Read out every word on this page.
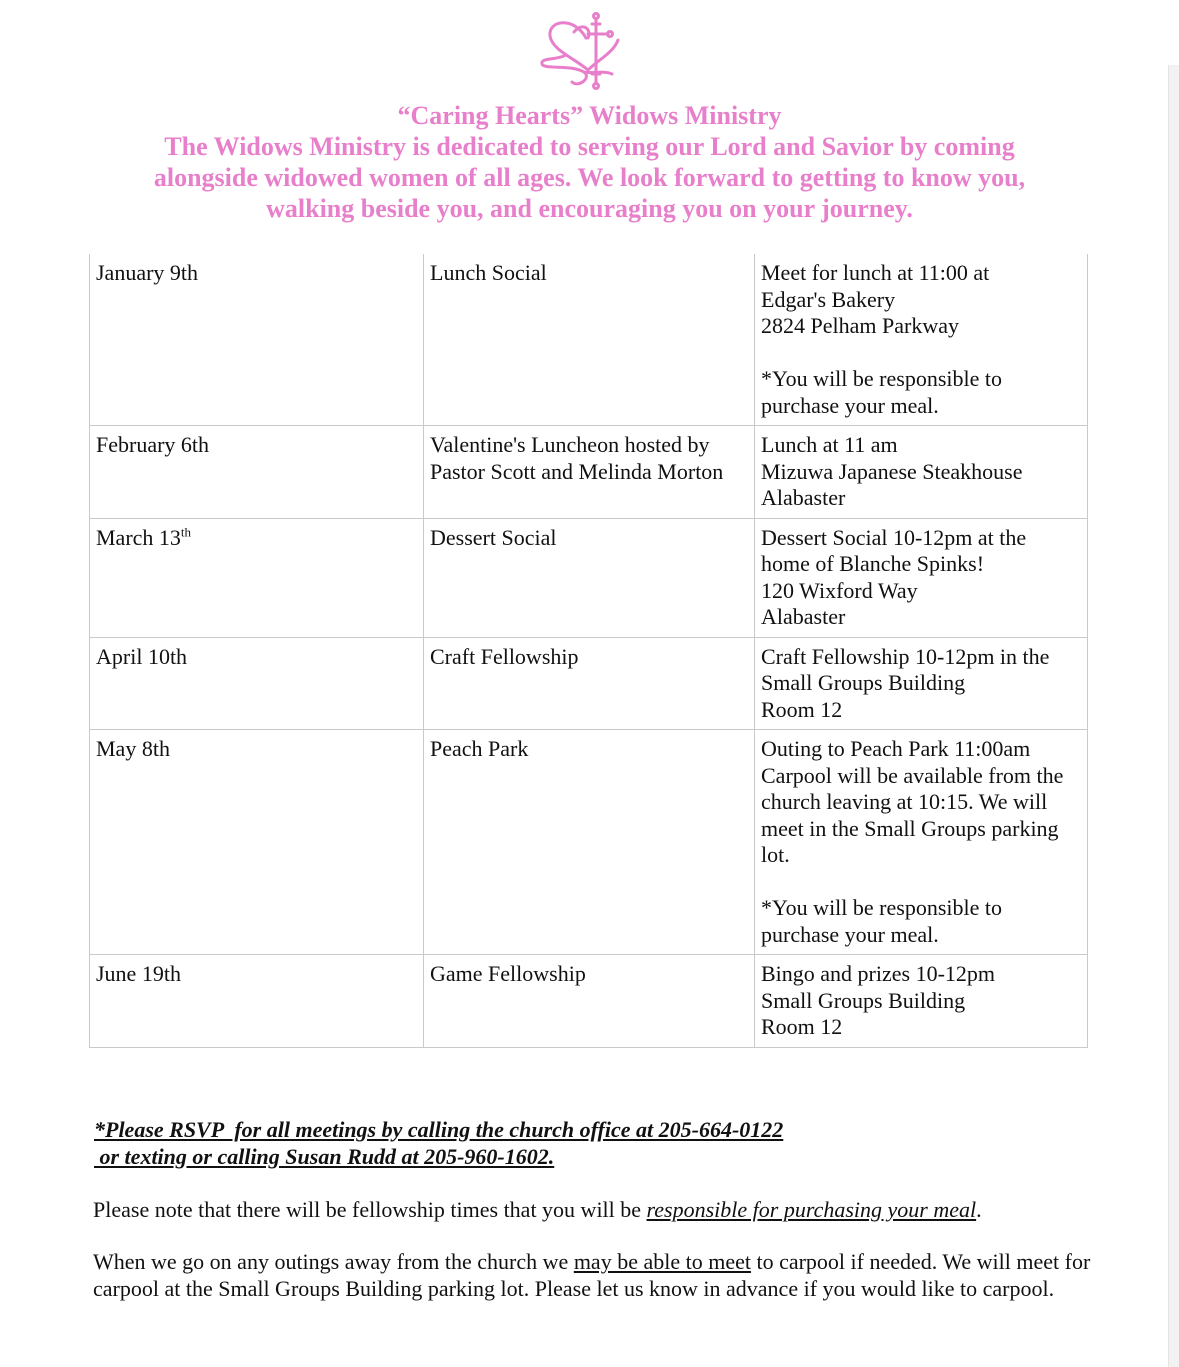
“Caring Hearts” Widows Ministry
The Widows Ministry is dedicated to serving our Lord and Savior by coming
alongside widowed women of all ages. We look forward to getting to know you,
walking beside you, and encouraging you on your journey.
January 9th	Lunch Social	Meet for lunch at 11:00 at
Edgar's Bakery
2824 Pelham Parkway

*You will be responsible to
purchase your meal.

February 6th	Valentine's Luncheon hosted by Pastor Scott and Melinda Morton	Lunch at 11 am
Mizuwa Japanese Steakhouse
Alabaster
March 13th	Dessert Social	Dessert Social 10-12pm at the
home of Blanche Spinks!
120 Wixford Way
Alabaster

April 10th	Craft Fellowship	Craft Fellowship 10-12pm in the
Small Groups Building
Room 12
May 8th	Peach Park	Outing to Peach Park 11:00am
Carpool will be available from the church leaving at 10:15. We will meet in the Small Groups parking lot.

*You will be responsible to
purchase your meal.
June 19th	Game Fellowship	Bingo and prizes 10-12pm
Small Groups Building
Room 12
*Please RSVP  for all meetings by calling the church office at 205-664-0122
or texting or calling Susan Rudd at 205-960-1602.
Please note that there will be fellowship times that you will be responsible for purchasing your meal.
When we go on any outings away from the church we may be able to meet to carpool if needed. We will meet for carpool at the Small Groups Building parking lot. Please let us know in advance if you would like to carpool.
